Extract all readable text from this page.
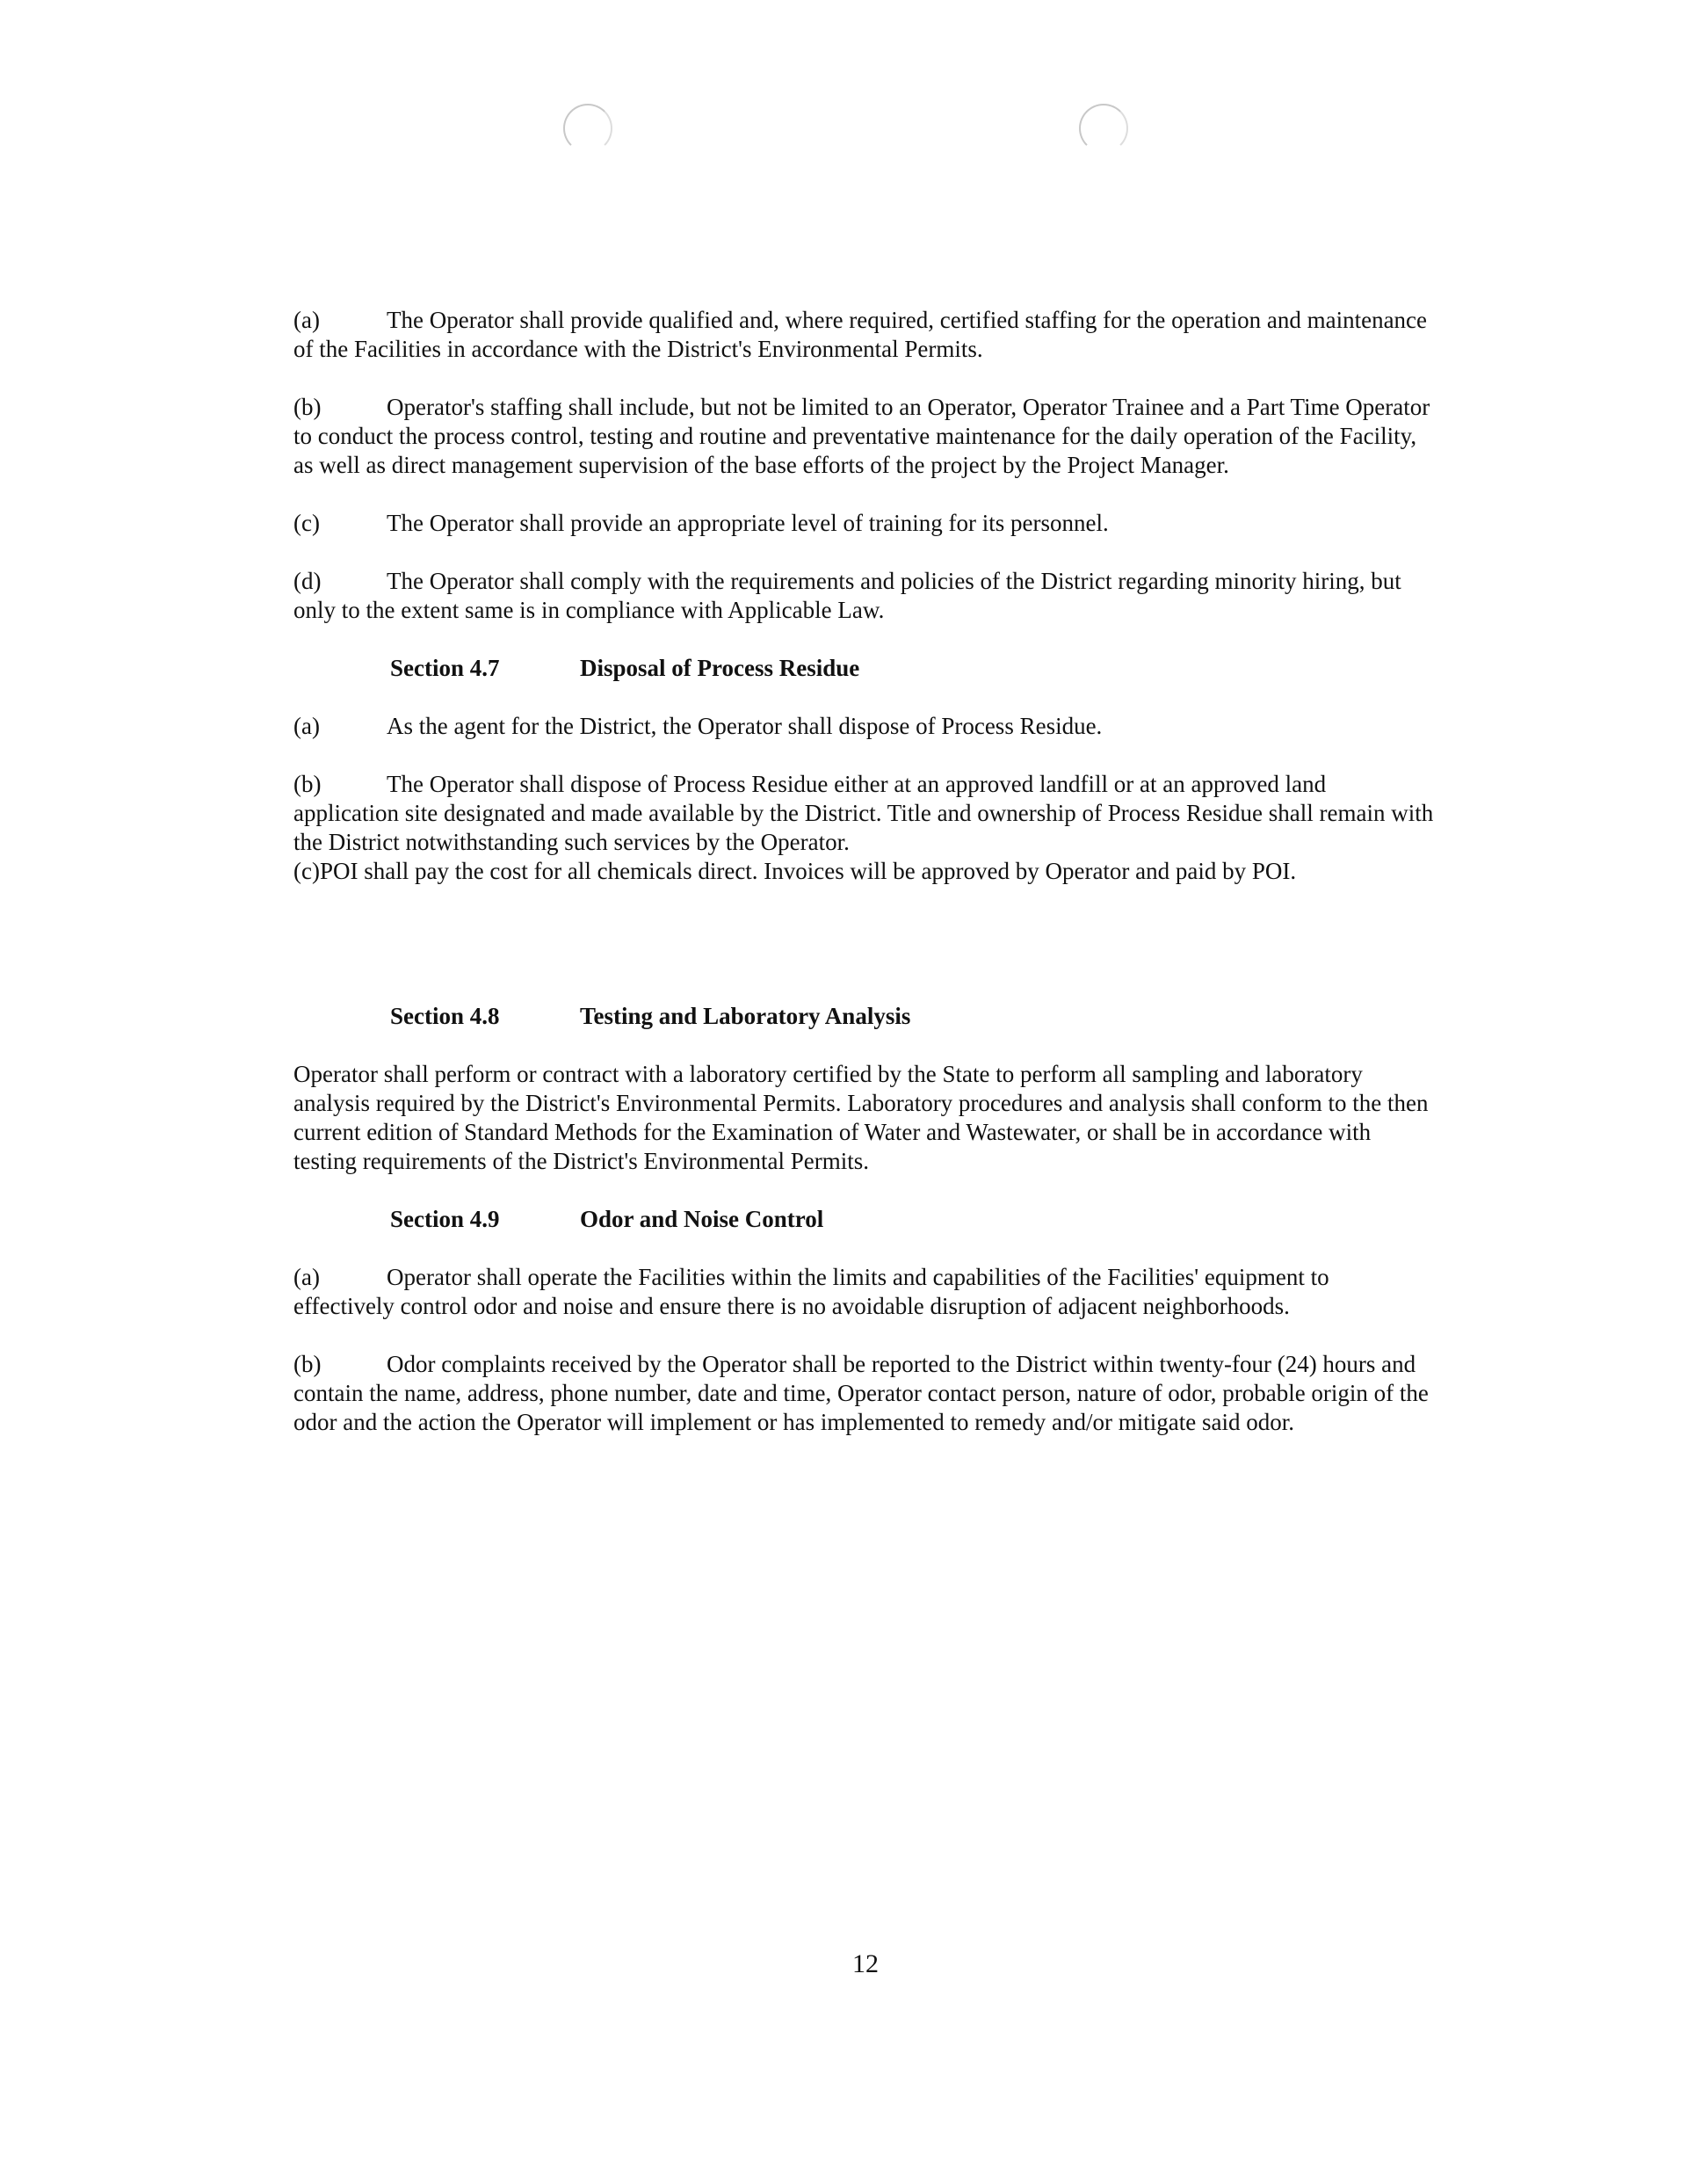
(a)	The Operator shall provide qualified and, where required, certified staffing for the operation and maintenance of the Facilities in accordance with the District's Environmental Permits.

(b)	Operator's staffing shall include, but not be limited to an Operator, Operator Trainee and a Part Time Operator to conduct the process control, testing and routine and preventative maintenance for the daily operation of the Facility, as well as direct management supervision of the base efforts of the project by the Project Manager.

(c)	The Operator shall provide an appropriate level of training for its personnel.

(d)	The Operator shall comply with the requirements and policies of the District regarding minority hiring, but only to the extent same is in compliance with Applicable Law.

Section 4.7	Disposal of Process Residue

(a)	As the agent for the District, the Operator shall dispose of Process Residue.

(b)	The Operator shall dispose of Process Residue either at an approved landfill or at an approved land application site designated and made available by the District. Title and ownership of Process Residue shall remain with the District notwithstanding such services by the Operator.

(c)POI shall pay the cost for all chemicals direct. Invoices will be approved by Operator and paid by POI.

Section 4.8	Testing and Laboratory Analysis

Operator shall perform or contract with a laboratory certified by the State to perform all sampling and laboratory analysis required by the District's Environmental Permits. Laboratory procedures and analysis shall conform to the then current edition of Standard Methods for the Examination of Water and Wastewater, or shall be in accordance with testing requirements of the District's Environmental Permits.

Section 4.9	Odor and Noise Control

(a)	Operator shall operate the Facilities within the limits and capabilities of the Facilities' equipment to effectively control odor and noise and ensure there is no avoidable disruption of adjacent neighborhoods.

(b)	Odor complaints received by the Operator shall be reported to the District within twenty-four (24) hours and contain the name, address, phone number, date and time, Operator contact person, nature of odor, probable origin of the odor and the action the Operator will implement or has implemented to remedy and/or mitigate said odor.

12
